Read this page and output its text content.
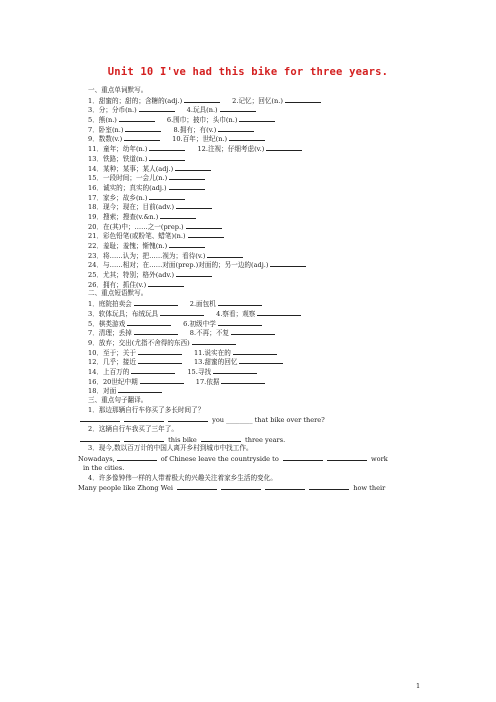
Unit 10 I've had this bike for three years.
一、重点单词默写。
1．甜蜜的；甜的；含糖的(adj.)	2.记忆；回忆(n.)
3．分；分币(n.)	4.玩具(n.)
5．熊(n.)	6.围巾；披巾；头巾(n.)
7．卧室(n.)	8.拥有；有(v.)
9．数数(v.)	10.百年；世纪(n.)
11．童年；幼年(n.)	12.注视；仔细考虑(v.)
13．铁路；铁道(n.)
14．某种；某事；某人(adj.)
15．一段时间；一会儿(n.)
16．诚实的；真实的(adj.)
17．家乡；故乡(n.)
18．现今；现在；目前(adv.)
19．搜索；搜查(v.&n.)
20．在(其)中；……之一(prep.)
21．彩色铅笔(或粉笔、蜡笔)(n.)
22．羞耻；羞愧；惭愧(n.)
23．将……认为；把……视为；看待(v.)
24．与……相对；在……对面(prep.)对面的；另一边的(adj.)
25．尤其；特别；格外(adv.)
26．拥有；抓住(v.)
二、重点短语默写。
1．庭院拍卖会	2.面包机
3．软体玩具；布绒玩具	4.察看；观察
5．棋类游戏	6.初级中学
7．清理；丢掉	8.不再；不复
9．放弃；交出(尤指不舍得的东西)
10．至于；关于	11.说实在的
12．几乎；接近	13.甜蜜的回忆
14．上百万的	15.寻找
16．20世纪中期	17.依据
18．对面
三、重点句子翻译。
1．那边那辆自行车你买了多长时间了？
you ________ that bike over there?
2．这辆自行车我买了三年了。
this bike	three years.
3．现今,数以百万计的中国人离开乡村到城市中找工作。
Nowadays,	of Chinese leave the countryside to	work
in the cities.
4．许多像钟伟一样的人带着极大的兴趣关注着家乡生活的变化。
Many people like Zhong Wei	how their
1
